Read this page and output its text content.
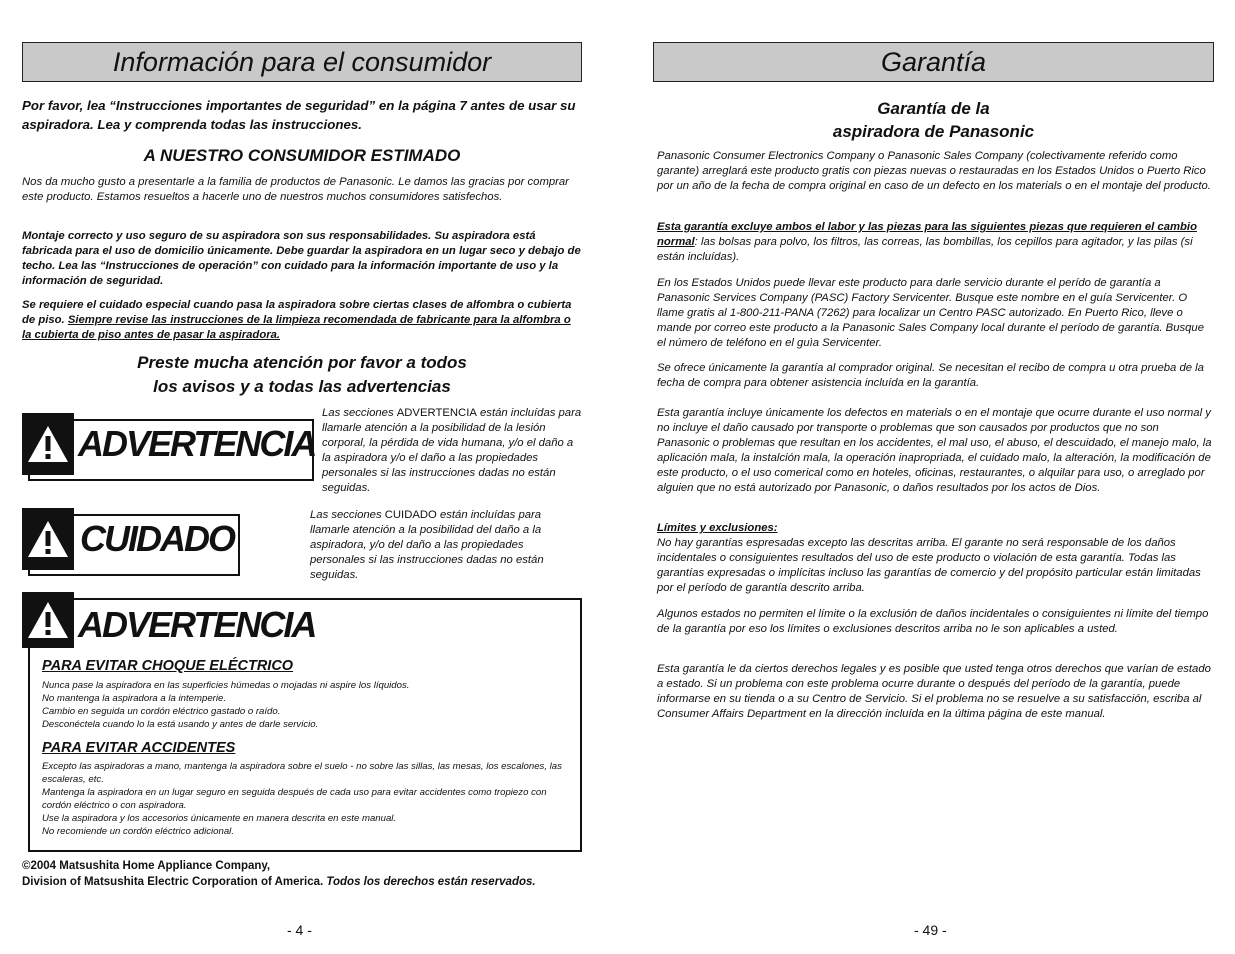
Información para el consumidor
Por favor, lea “Instrucciones importantes de seguridad” en la página 7 antes de usar su aspiradora. Lea y comprenda todas las instrucciones.
A NUESTRO CONSUMIDOR ESTIMADO
Nos da mucho gusto a presentarle a la familia de productos de Panasonic. Le damos las gracias por comprar este producto. Estamos resueltos a hacerle uno de nuestros muchos consumidores satisfechos.
Montaje correcto y uso seguro de su aspiradora son sus responsabilidades. Su aspiradora está fabricada para el uso de domicilio únicamente. Debe guardar la aspiradora en un lugar seco y debajo de techo. Lea las “Instrucciones de operación” con cuidado para la información importante de uso y la información de seguridad.
Se requiere el cuidado especial cuando pasa la aspiradora sobre ciertas clases de alfombra o cubierta de piso. Siempre revise las instrucciones de la limpieza recomendada de fabricante para la alfombra o la cubierta de piso antes de pasar la aspiradora.
Preste mucha atención por favor a todos
los avisos y a todas las advertencias
ADVERTENCIA
Las secciones ADVERTENCIA están incluídas para llamarle atención a la posibilidad de la lesión corporal, la pérdida de vida humana, y/o el daño a la aspiradora y/o el daño a las propiedades personales si las instrucciones dadas no están seguidas.
CUIDADO
Las secciones CUIDADO están incluídas para llamarle atención a la posibilidad del daño a la aspiradora, y/o del daño a las propiedades personales si las instrucciones dadas no están seguidas.
ADVERTENCIA
PARA EVITAR CHOQUE ELÉCTRICO
Nunca pase la aspiradora en las superficies húmedas o mojadas ni aspire los líquidos.
No mantenga la aspiradora a la intemperie.
Cambio en seguida un cordón eléctrico gastado o raído.
Desconéctela cuando lo la está usando y antes de darle servicio.
PARA EVITAR ACCIDENTES
Excepto las aspiradoras a mano, mantenga la aspiradora sobre el suelo - no sobre las sillas, las mesas, los escalones, las escaleras, etc.
Mantenga la aspiradora en un lugar seguro en seguida después de cada uso para evitar accidentes como tropiezo con cordón eléctrico o con aspiradora.
Use la aspiradora y los accesorios únicamente en manera descrita en este manual.
No recomiende un cordón eléctrico adicional.
©2004 Matsushita Home Appliance Company,
Division of Matsushita Electric Corporation of America. Todos los derechos están reservados.
- 4 -
Garantía
Garantía de la
aspiradora de Panasonic
Panasonic Consumer Electronics Company o Panasonic Sales Company (colectivamente referido como garante) arreglará este producto gratis con piezas nuevas o restauradas en los Estados Unidos o Puerto Rico por un año de la fecha de compra original en caso de un defecto en los materials o en el montaje del producto.
Esta garantía excluye ambos el labor y las piezas para las siguientes piezas que requieren el cambio normal: las bolsas para polvo, los filtros, las correas, las bombillas, los cepillos para agitador, y las pilas (si están incluídas).
En los Estados Unidos puede llevar este producto para darle servicio durante el perído de garantía a Panasonic Services Company (PASC) Factory Servicenter. Busque este nombre en el guía Servicenter. O llame gratis al 1-800-211-PANA (7262) para localizar un Centro PASC autorizado. En Puerto Rico, lleve o mande por correo este producto a la Panasonic Sales Company local durante el período de garantía. Busque el número de teléfono en el guìa Servicenter.
Se ofrece únicamente la garantía al comprador original. Se necesitan el recibo de compra u otra prueba de la fecha de compra para obtener asistencia incluída en la garantía.
Esta garantía incluye únicamente los defectos en materials o en el montaje que ocurre durante el uso normal y no incluye el daño causado por transporte o problemas que son causados por productos que no son Panasonic o problemas que resultan en los accidentes, el mal uso, el abuso, el descuidado, el manejo malo, la aplicación mala, la instalción mala, la operación inapropriada, el cuidado malo, la alteración, la modificación de este producto, o el uso comerical como en hoteles, oficinas, restaurantes, o alquilar para uso, o arreglado por alguien que no está autorizado por Panasonic, o daños resultados por los actos de Dios.
Límites y exclusiones:
No hay garantías espresadas excepto las descritas arriba. El garante no será responsable de los daños incidentales o consiguientes resultados del uso de este producto o violación de esta garantía. Todas las garantías expresadas o implícitas incluso las garantías de comercio y del propósito particular están limitadas por el período de garantía descrito arriba.
Algunos estados no permiten el límite o la exclusión de daños incidentales o consiguientes ni límite del tiempo de la garantía por eso los límites o exclusiones descritos arriba no le son aplicables a usted.
Esta garantía le da ciertos derechos legales y es posible que usted tenga otros derechos que varían de estado a estado. Si un problema con este problema ocurre durante o después del período de la garantía, puede informarse en su tienda o a su Centro de Servicio. Si el problema no se resuelve a su satisfacción, escriba al Consumer Affairs Department en la dirección incluída en la última página de este manual.
- 49 -
